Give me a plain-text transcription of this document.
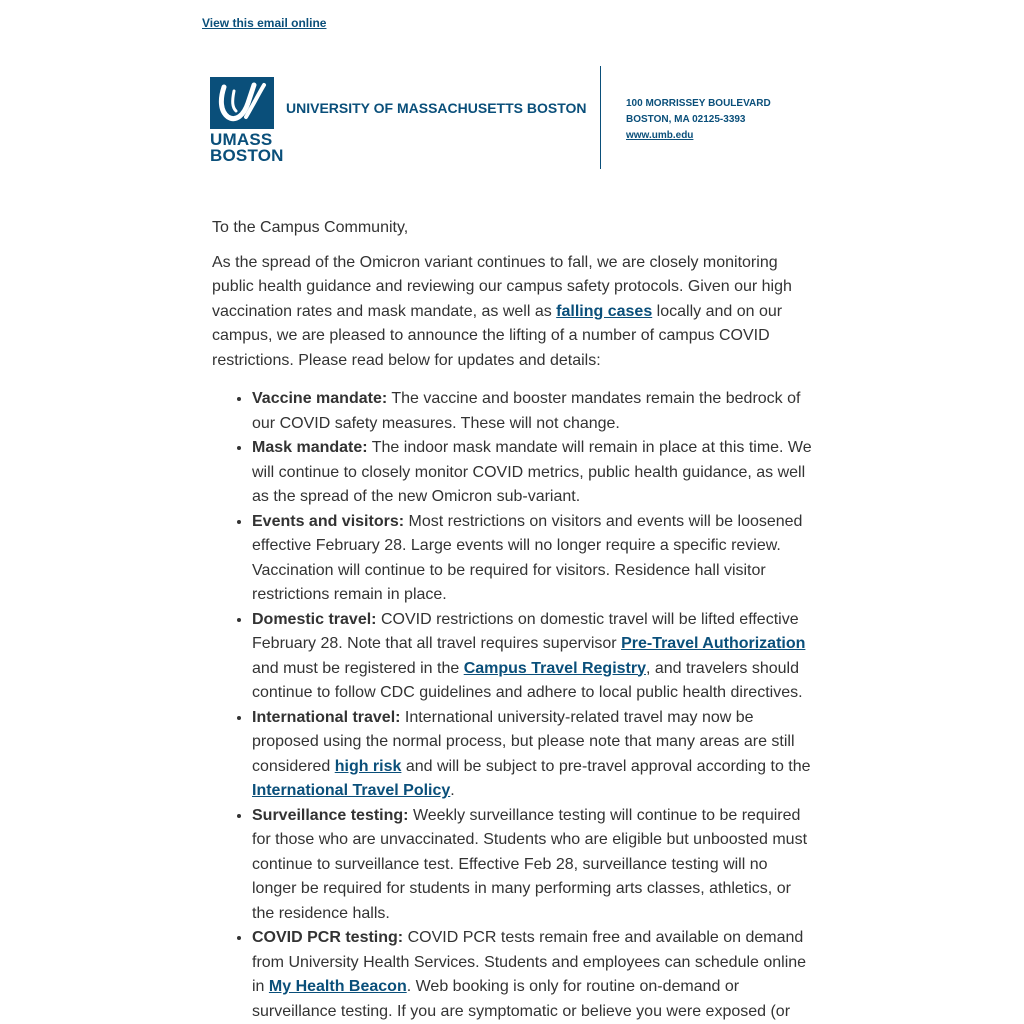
View this email online
UMASS
BOSTON
UNIVERSITY OF MASSACHUSETTS BOSTON	100 MORRISSEY BOULEVARD
BOSTON, MA 02125-3393
www.umb.edu

To the Campus Community,

As the spread of the Omicron variant continues to fall, we are closely monitoring public health guidance and reviewing our campus safety protocols. Given our high vaccination rates and mask mandate, as well as falling cases locally and on our campus, we are pleased to announce the lifting of a number of campus COVID restrictions. Please read below for updates and details:

• Vaccine mandate: The vaccine and booster mandates remain the bedrock of our COVID safety measures. These will not change.
• Mask mandate: The indoor mask mandate will remain in place at this time. We will continue to closely monitor COVID metrics, public health guidance, as well as the spread of the new Omicron sub-variant.
• Events and visitors: Most restrictions on visitors and events will be loosened effective February 28. Large events will no longer require a specific review. Vaccination will continue to be required for visitors. Residence hall visitor restrictions remain in place.
• Domestic travel: COVID restrictions on domestic travel will be lifted effective February 28. Note that all travel requires supervisor Pre-Travel Authorization and must be registered in the Campus Travel Registry, and travelers should continue to follow CDC guidelines and adhere to local public health directives.
• International travel: International university-related travel may now be proposed using the normal process, but please note that many areas are still considered high risk and will be subject to pre-travel approval according to the International Travel Policy.
• Surveillance testing: Weekly surveillance testing will continue to be required for those who are unvaccinated. Students who are eligible but unboosted must continue to surveillance test. Effective Feb 28, surveillance testing will no longer be required for students in many performing arts classes, athletics, or the residence halls.
• COVID PCR testing: COVID PCR tests remain free and available on demand from University Health Services. Students and employees can schedule online in My Health Beacon. Web booking is only for routine on-demand or surveillance testing. If you are symptomatic or believe you were exposed (or
